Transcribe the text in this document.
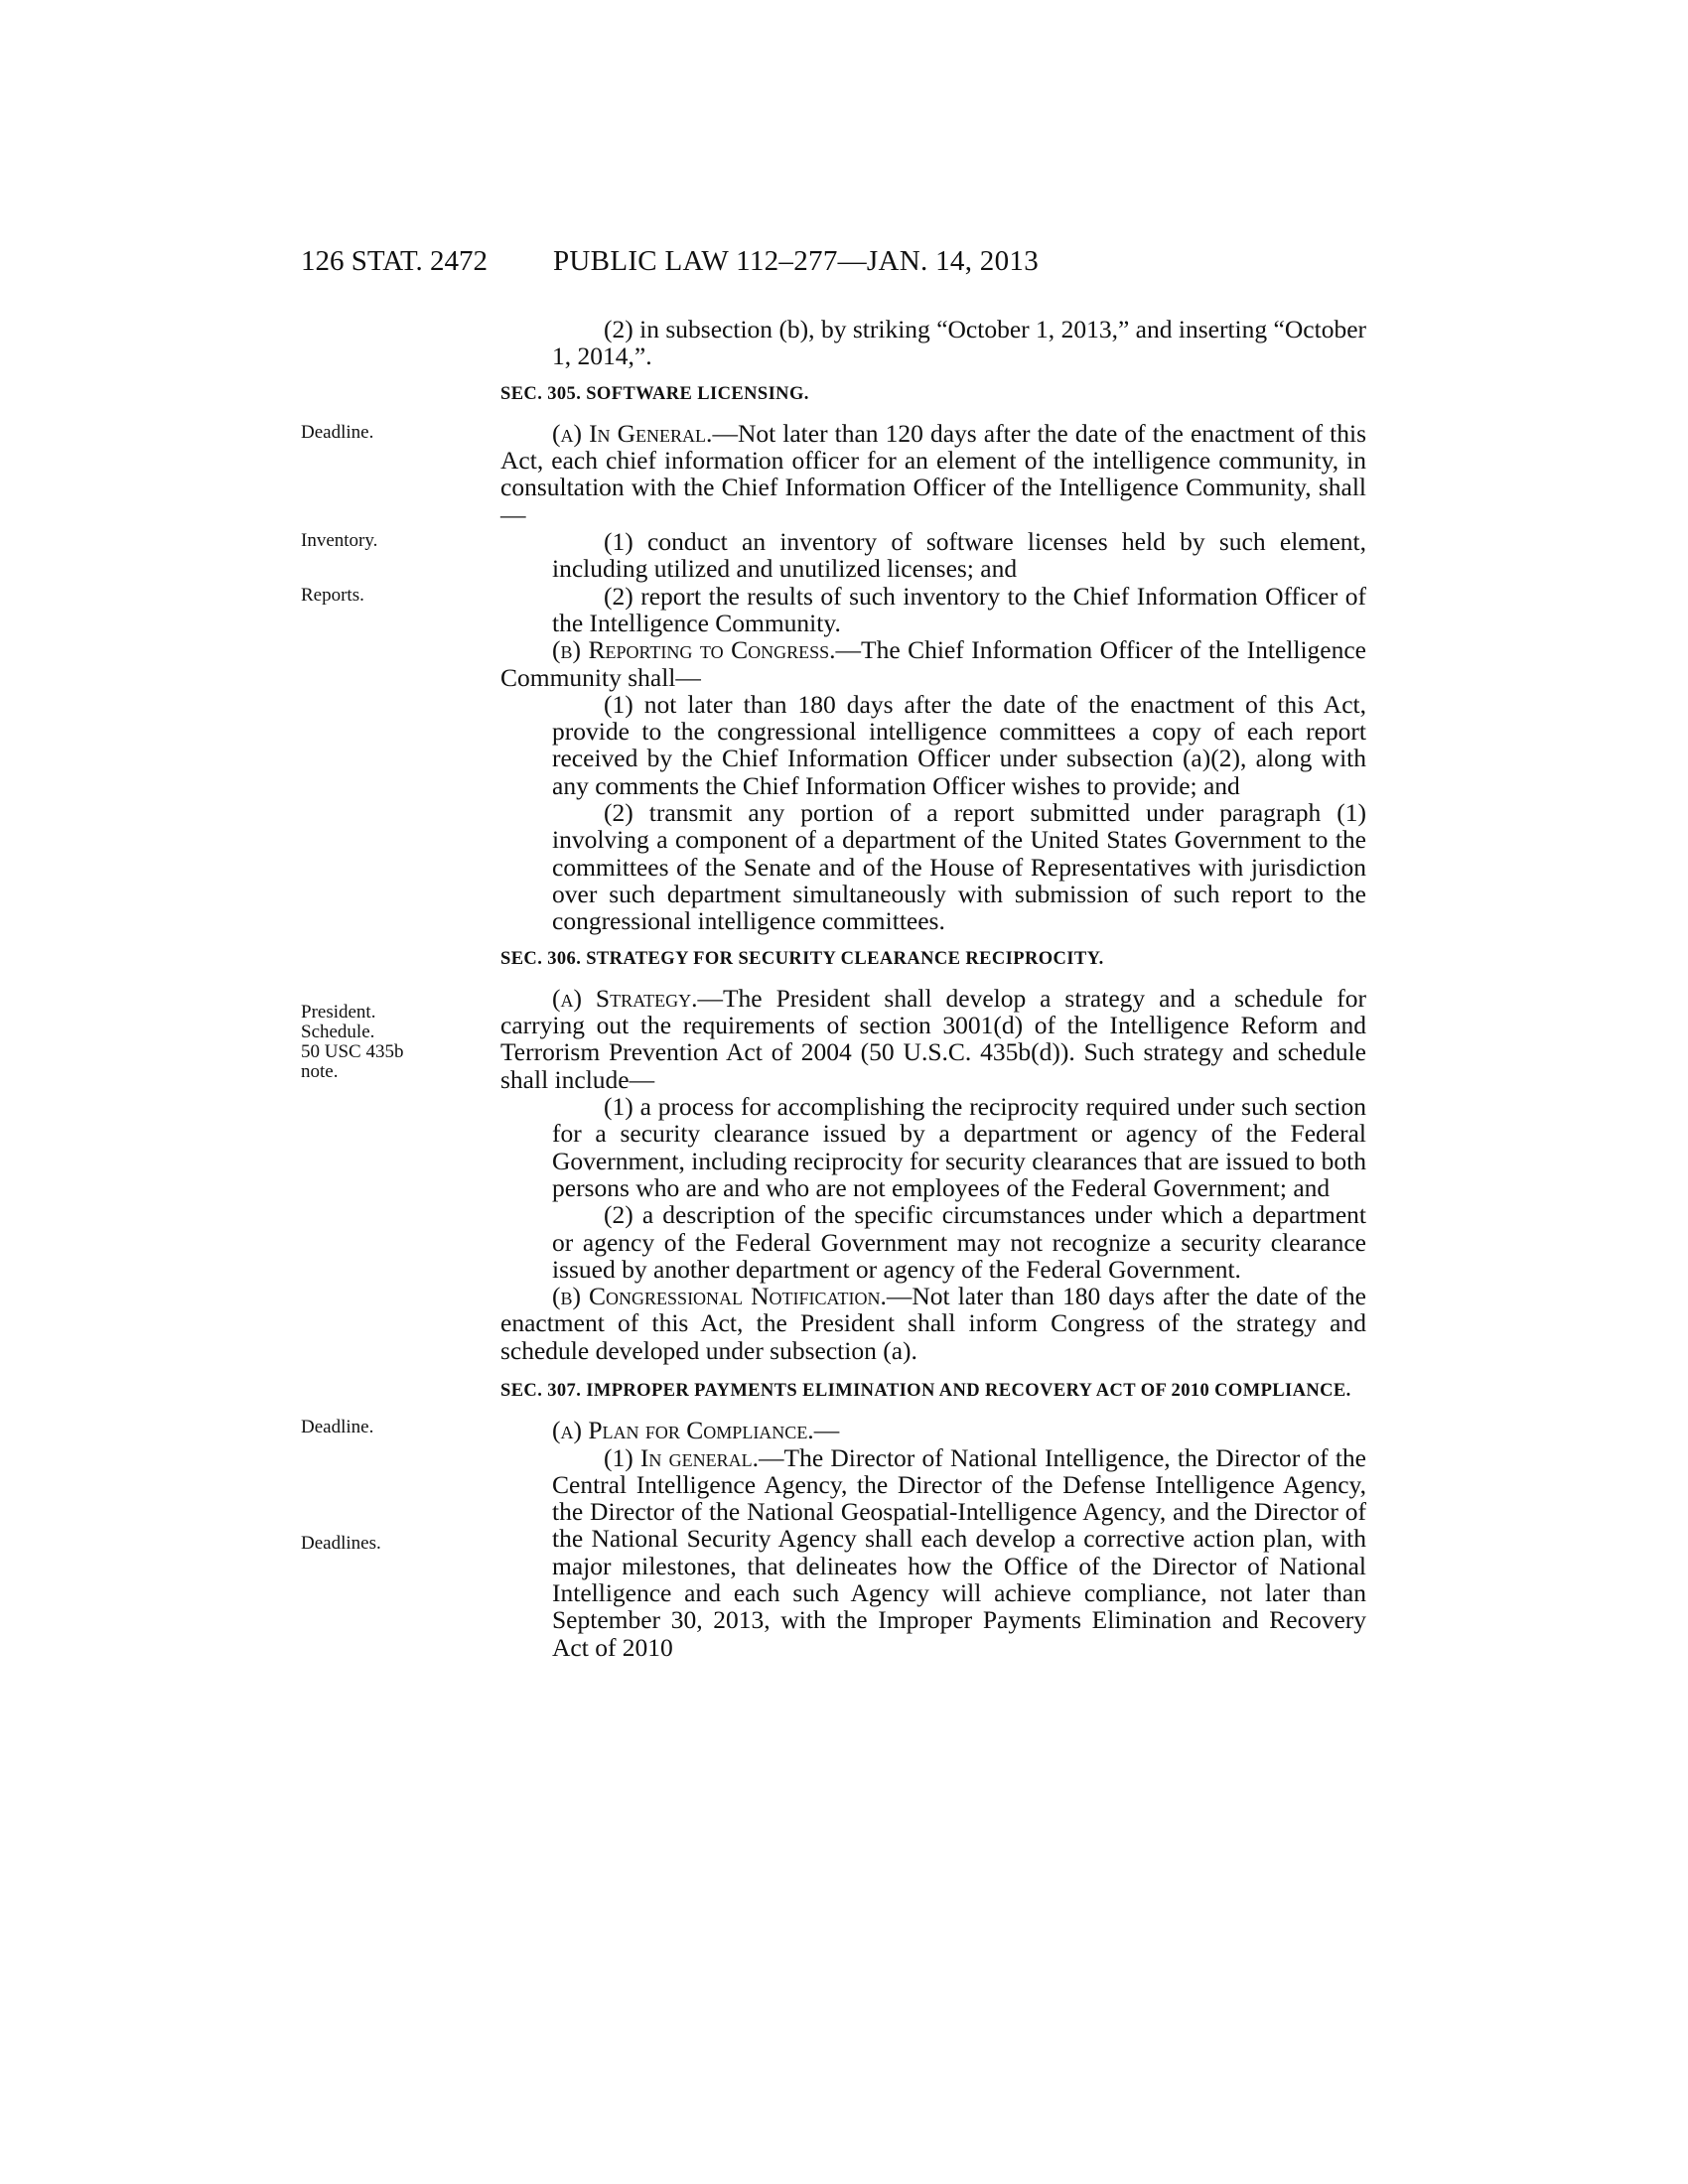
126 STAT. 2472 PUBLIC LAW 112–277—JAN. 14, 2013
Deadline.
Inventory.
Reports.
President.
Schedule.
50 USC 435b
note.
Deadline.
Deadlines.

(2) in subsection (b), by striking “October 1, 2013,” and inserting “October 1, 2014,”.

SEC. 305. SOFTWARE LICENSING.

(a) In General.—Not later than 120 days after the date of the enactment of this Act, each chief information officer for an element of the intelligence community, in consultation with the Chief Information Officer of the Intelligence Community, shall—

(1) conduct an inventory of software licenses held by such element, including utilized and unutilized licenses; and

(2) report the results of such inventory to the Chief Information Officer of the Intelligence Community.

(b) Reporting to Congress.—The Chief Information Officer of the Intelligence Community shall—

(1) not later than 180 days after the date of the enactment of this Act, provide to the congressional intelligence committees a copy of each report received by the Chief Information Officer under subsection (a)(2), along with any comments the Chief Information Officer wishes to provide; and

(2) transmit any portion of a report submitted under paragraph (1) involving a component of a department of the United States Government to the committees of the Senate and of the House of Representatives with jurisdiction over such department simultaneously with submission of such report to the congressional intelligence committees.

SEC. 306. STRATEGY FOR SECURITY CLEARANCE RECIPROCITY.

(a) Strategy.—The President shall develop a strategy and a schedule for carrying out the requirements of section 3001(d) of the Intelligence Reform and Terrorism Prevention Act of 2004 (50 U.S.C. 435b(d)). Such strategy and schedule shall include—

(1) a process for accomplishing the reciprocity required under such section for a security clearance issued by a department or agency of the Federal Government, including reciprocity for security clearances that are issued to both persons who are and who are not employees of the Federal Government; and

(2) a description of the specific circumstances under which a department or agency of the Federal Government may not recognize a security clearance issued by another department or agency of the Federal Government.

(b) Congressional Notification.—Not later than 180 days after the date of the enactment of this Act, the President shall inform Congress of the strategy and schedule developed under subsection (a).

SEC. 307. IMPROPER PAYMENTS ELIMINATION AND RECOVERY ACT OF 2010 COMPLIANCE.

(a) Plan for Compliance.—

(1) In general.—The Director of National Intelligence, the Director of the Central Intelligence Agency, the Director of the Defense Intelligence Agency, the Director of the National Geospatial-Intelligence Agency, and the Director of the National Security Agency shall each develop a corrective action plan, with major milestones, that delineates how the Office of the Director of National Intelligence and each such Agency will achieve compliance, not later than September 30, 2013, with the Improper Payments Elimination and Recovery Act of 2010
